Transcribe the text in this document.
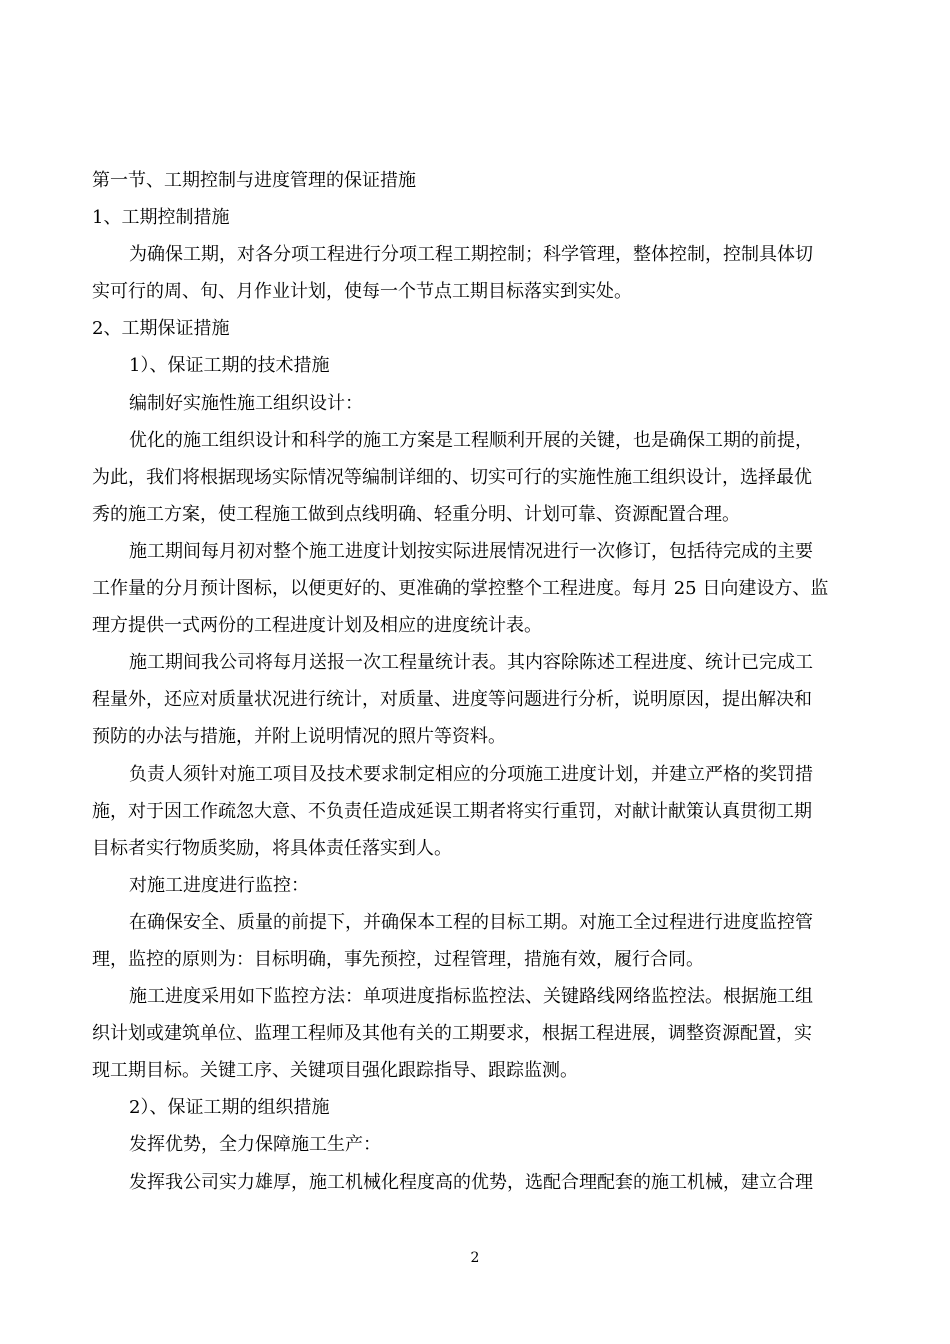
第一节、工期控制与进度管理的保证措施
1、工期控制措施
为确保工期，对各分项工程进行分项工程工期控制；科学管理，整体控制，控制具体切
实可行的周、旬、月作业计划，使每一个节点工期目标落实到实处。
2、工期保证措施
1）、保证工期的技术措施
编制好实施性施工组织设计：
优化的施工组织设计和科学的施工方案是工程顺利开展的关键，也是确保工期的前提，
为此，我们将根据现场实际情况等编制详细的、切实可行的实施性施工组织设计，选择最优
秀的施工方案，使工程施工做到点线明确、轻重分明、计划可靠、资源配置合理。
施工期间每月初对整个施工进度计划按实际进展情况进行一次修订，包括待完成的主要
工作量的分月预计图标，以便更好的、更准确的掌控整个工程进度。每月 25 日向建设方、监
理方提供一式两份的工程进度计划及相应的进度统计表。
施工期间我公司将每月送报一次工程量统计表。其内容除陈述工程进度、统计已完成工
程量外，还应对质量状况进行统计，对质量、进度等问题进行分析，说明原因，提出解决和
预防的办法与措施，并附上说明情况的照片等资料。
负责人须针对施工项目及技术要求制定相应的分项施工进度计划，并建立严格的奖罚措
施，对于因工作疏忽大意、不负责任造成延误工期者将实行重罚，对献计献策认真贯彻工期
目标者实行物质奖励，将具体责任落实到人。
对施工进度进行监控：
在确保安全、质量的前提下，并确保本工程的目标工期。对施工全过程进行进度监控管
理，监控的原则为：目标明确，事先预控，过程管理，措施有效，履行合同。
施工进度采用如下监控方法：单项进度指标监控法、关键路线网络监控法。根据施工组
织计划或建筑单位、监理工程师及其他有关的工期要求，根据工程进展，调整资源配置，实
现工期目标。关键工序、关键项目强化跟踪指导、跟踪监测。
2）、保证工期的组织措施
发挥优势，全力保障施工生产：
发挥我公司实力雄厚，施工机械化程度高的优势，选配合理配套的施工机械，建立合理
2
